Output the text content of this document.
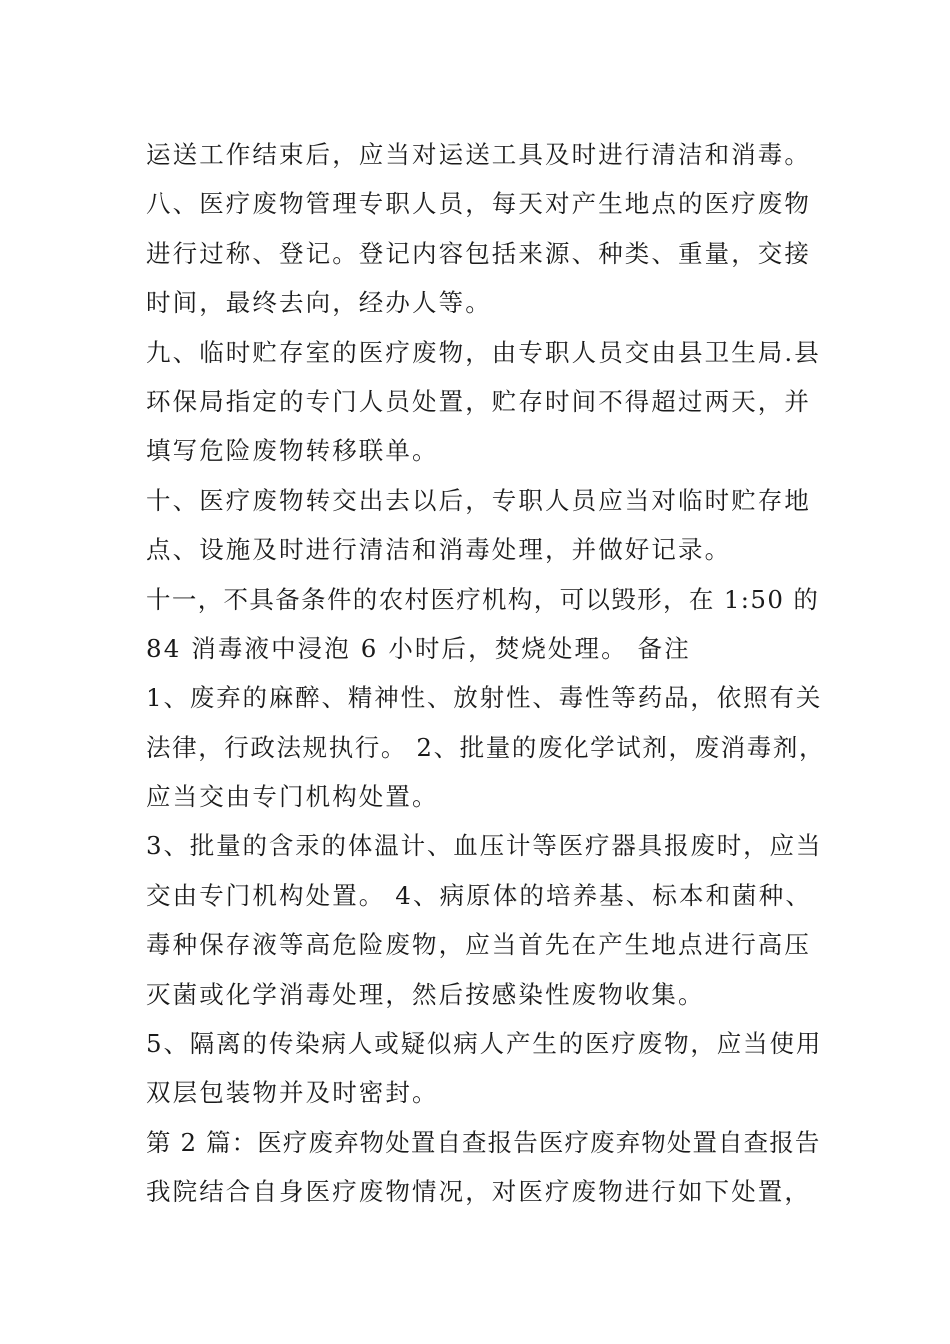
运送工作结束后，应当对运送工具及时进行清洁和消毒。
八、医疗废物管理专职人员，每天对产生地点的医疗废物
进行过称、登记。登记内容包括来源、种类、重量，交接
时间，最终去向，经办人等。
九、临时贮存室的医疗废物，由专职人员交由县卫生局.县
环保局指定的专门人员处置，贮存时间不得超过两天，并
填写危险废物转移联单。
十、医疗废物转交出去以后，专职人员应当对临时贮存地
点、设施及时进行清洁和消毒处理，并做好记录。
十一，不具备条件的农村医疗机构，可以毁形，在 1:50 的
84 消毒液中浸泡 6 小时后，焚烧处理。 备注
1、废弃的麻醉、精神性、放射性、毒性等药品，依照有关
法律，行政法规执行。 2、批量的废化学试剂，废消毒剂，
应当交由专门机构处置。
3、批量的含汞的体温计、血压计等医疗器具报废时，应当
交由专门机构处置。 4、病原体的培养基、标本和菌种、
毒种保存液等高危险废物，应当首先在产生地点进行高压
灭菌或化学消毒处理，然后按感染性废物收集。
5、隔离的传染病人或疑似病人产生的医疗废物，应当使用
双层包装物并及时密封。
第 2 篇：医疗废弃物处置自查报告医疗废弃物处置自查报告
我院结合自身医疗废物情况，对医疗废物进行如下处置，
